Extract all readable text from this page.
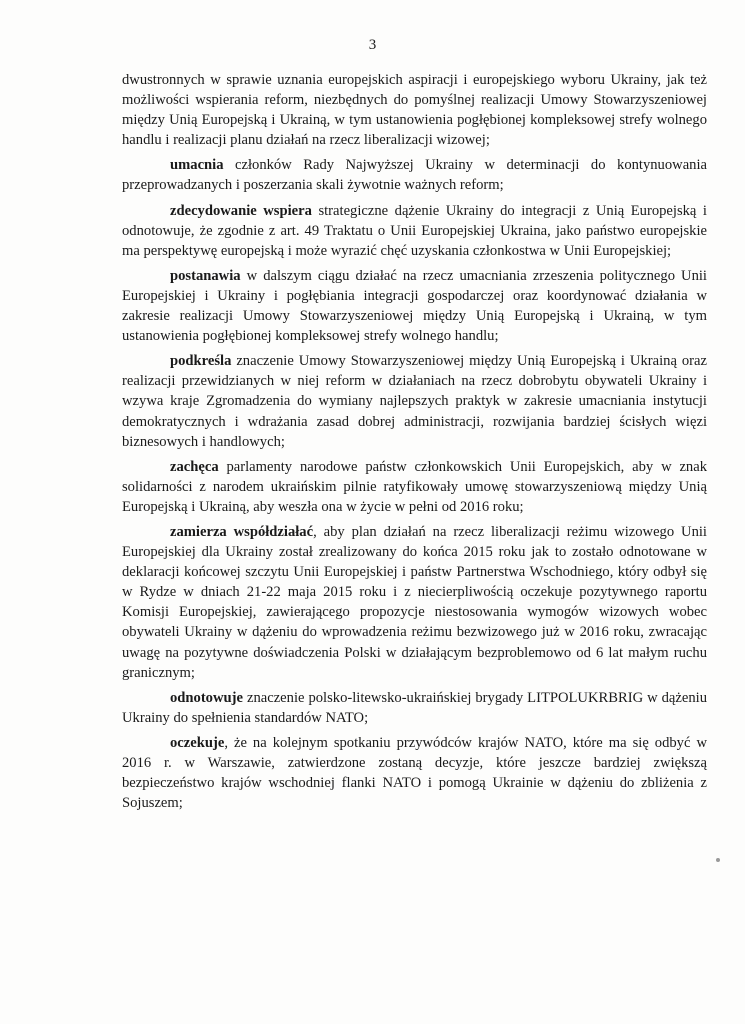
3

dwustronnych w sprawie uznania europejskich aspiracji i europejskiego wyboru Ukrainy, jak też możliwości wspierania reform, niezbędnych do pomyślnej realizacji Umowy Stowarzyszeniowej między Unią Europejską i Ukrainą, w tym ustanowienia pogłębionej kompleksowej strefy wolnego handlu i realizacji planu działań na rzecz liberalizacji wizowej;

umacnia członków Rady Najwyższej Ukrainy w determinacji do kontynuowania przeprowadzanych i poszerzania skali żywotnie ważnych reform;

zdecydowanie wspiera strategiczne dążenie Ukrainy do integracji z Unią Europejską i odnotowuje, że zgodnie z art. 49 Traktatu o Unii Europejskiej Ukraina, jako państwo europejskie ma perspektywę europejską i może wyrazić chęć uzyskania członkostwa w Unii Europejskiej;

postanawia w dalszym ciągu działać na rzecz umacniania zrzeszenia politycznego Unii Europejskiej i Ukrainy i pogłębiania integracji gospodarczej oraz koordynować działania w zakresie realizacji Umowy Stowarzyszeniowej między Unią Europejską i Ukrainą, w tym ustanowienia pogłębionej kompleksowej strefy wolnego handlu;

podkreśla znaczenie Umowy Stowarzyszeniowej między Unią Europejską i Ukrainą oraz realizacji przewidzianych w niej reform w działaniach na rzecz dobrobytu obywateli Ukrainy i wzywa kraje Zgromadzenia do wymiany najlepszych praktyk w zakresie umacniania instytucji demokratycznych i wdrażania zasad dobrej administracji, rozwijania bardziej ścisłych więzi biznesowych i handlowych;

zachęca parlamenty narodowe państw członkowskich Unii Europejskich, aby w znak solidarności z narodem ukraińskim pilnie ratyfikowały umowę stowarzyszeniową między Unią Europejską i Ukrainą, aby weszła ona w życie w pełni od 2016 roku;

zamierza współdziałać, aby plan działań na rzecz liberalizacji reżimu wizowego Unii Europejskiej dla Ukrainy został zrealizowany do końca 2015 roku jak to zostało odnotowane w deklaracji końcowej szczytu Unii Europejskiej i państw Partnerstwa Wschodniego, który odbył się w Rydze w dniach 21-22 maja 2015 roku i z niecierpliwością oczekuje pozytywnego raportu Komisji Europejskiej, zawierającego propozycje niestosowania wymogów wizowych wobec obywateli Ukrainy w dążeniu do wprowadzenia reżimu bezwizowego już w 2016 roku, zwracając uwagę na pozytywne doświadczenia Polski w działającym bezproblemowo od 6 lat małym ruchu granicznym;

odnotowuje znaczenie polsko-litewsko-ukraińskiej brygady LITPOLUKRBRIG w dążeniu Ukrainy do spełnienia standardów NATO;

oczekuje, że na kolejnym spotkaniu przywódców krajów NATO, które ma się odbyć w 2016 r. w Warszawie, zatwierdzone zostaną decyzje, które jeszcze bardziej zwiększą bezpieczeństwo krajów wschodniej flanki NATO i pomogą Ukrainie w dążeniu do zbliżenia z Sojuszem;
